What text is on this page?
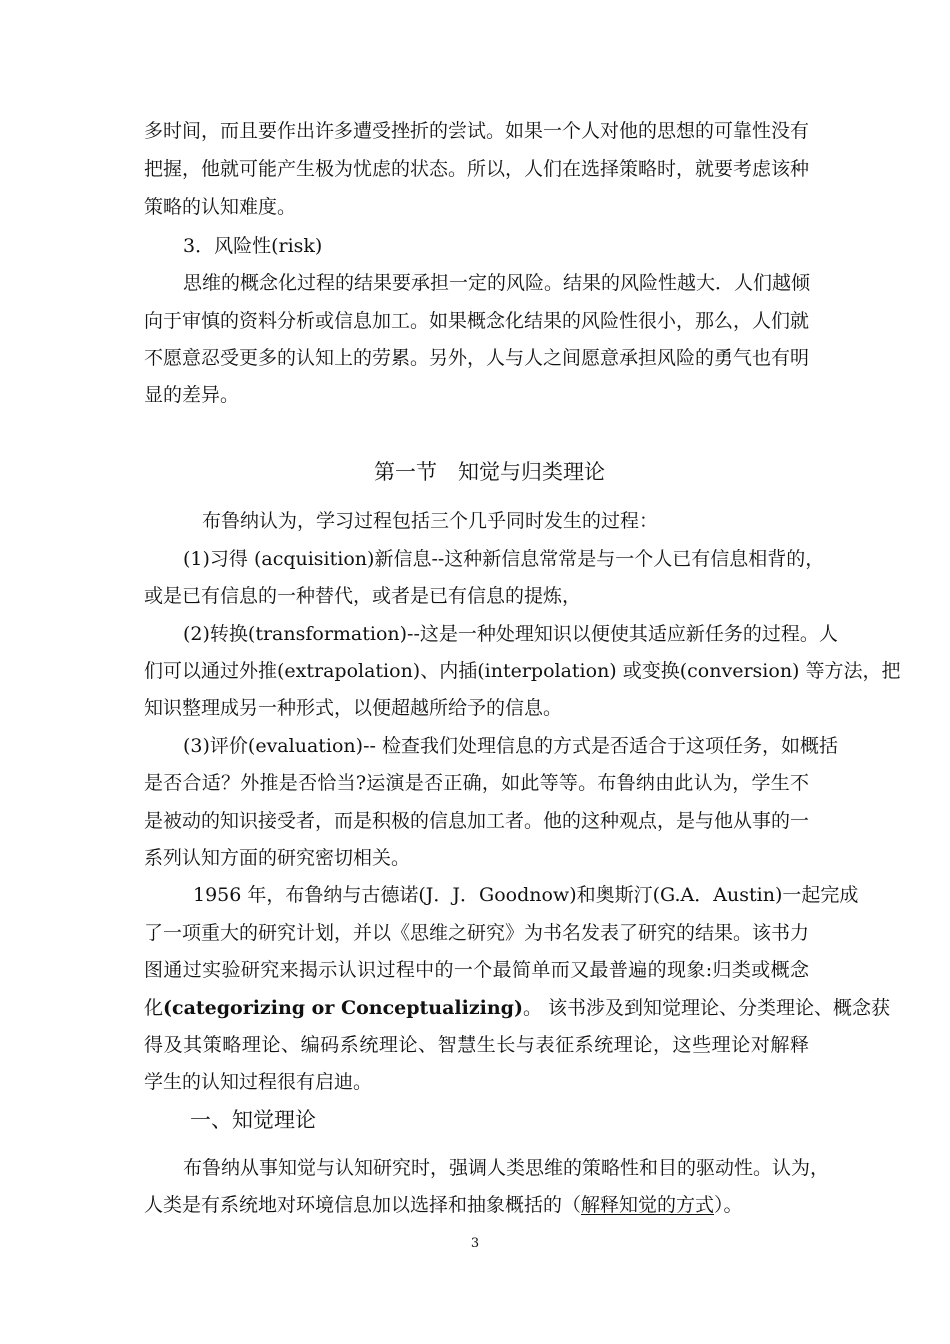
多时间，而且要作出许多遭受挫折的尝试。如果一个人对他的思想的可靠性没有
把握，他就可能产生极为忧虑的状态。所以，人们在选择策略时，就要考虑该种
策略的认知难度。
3．风险性(risk)
思维的概念化过程的结果要承担一定的风险。结果的风险性越大．人们越倾
向于审慎的资料分析或信息加工。如果概念化结果的风险性很小，那么，人们就
不愿意忍受更多的认知上的劳累。另外，人与人之间愿意承担风险的勇气也有明
显的差异。
第一节　知觉与归类理论
布鲁纳认为，学习过程包括三个几乎同时发生的过程：
(1)习得 (acquisition)新信息--这种新信息常常是与一个人已有信息相背的，
或是已有信息的一种替代，或者是已有信息的提炼，
(2)转换(transformation)--这是一种处理知识以便使其适应新任务的过程。人
们可以通过外推(extrapolation)、内插(interpolation) 或变换(conversion) 等方法，把
知识整理成另一种形式，以便超越所给予的信息。
(3)评价(evaluation)-- 检查我们处理信息的方式是否适合于这项任务，如概括
是否合适？外推是否恰当?运演是否正确，如此等等。布鲁纳由此认为，学生不
是被动的知识接受者，而是积极的信息加工者。他的这种观点，是与他从事的一
系列认知方面的研究密切相关。
1956 年，布鲁纳与古德诺(J．J．Goodnow)和奥斯汀(G.A．Austin)一起完成
了一项重大的研究计划，并以《思维之研究》为书名发表了研究的结果。该书力
图通过实验研究来揭示认识过程中的一个最简单而又最普遍的现象:归类或概念
化(categorizing or Conceptualizing)。 该书涉及到知觉理论、分类理论、概念获
得及其策略理论、编码系统理论、智慧生长与表征系统理论，这些理论对解释
学生的认知过程很有启迪。
一、知觉理论
布鲁纳从事知觉与认知研究时，强调人类思维的策略性和目的驱动性。认为，
人类是有系统地对环境信息加以选择和抽象概括的（解释知觉的方式）。
3
